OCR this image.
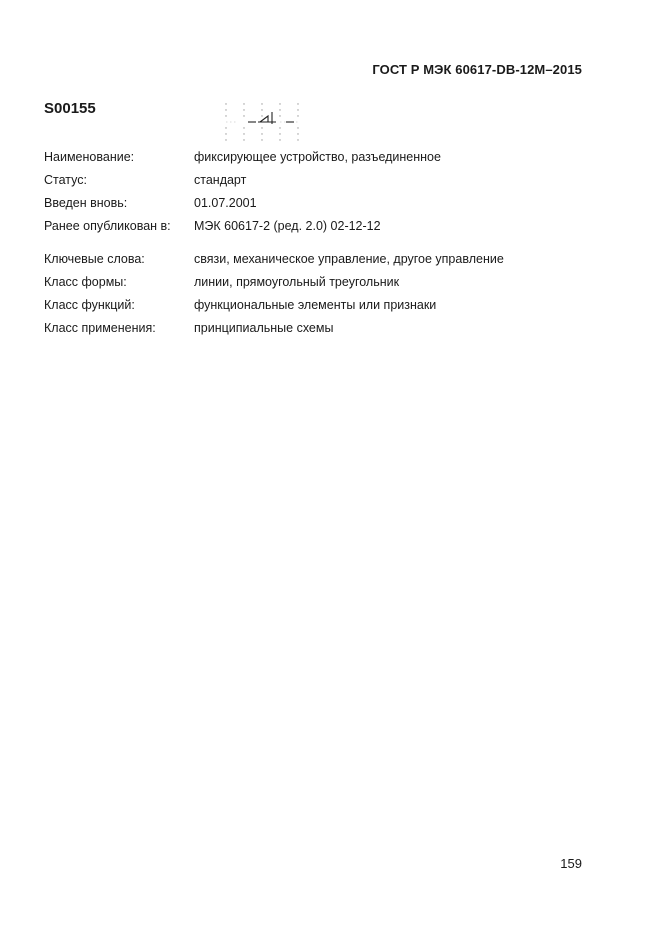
ГОСТ Р МЭК 60617-DB-12М–2015
S00155
Наименование:	фиксирующее устройство, разъединенное
Статус:	стандарт
Введен вновь:	01.07.2001
Ранее опубликован в:	МЭК 60617-2 (ред. 2.0) 02-12-12
Ключевые слова:	связи, механическое управление, другое управление
Класс формы:	линии, прямоугольный треугольник
Класс функций:	функциональные элементы или признаки
Класс применения:	принципиальные схемы
159
